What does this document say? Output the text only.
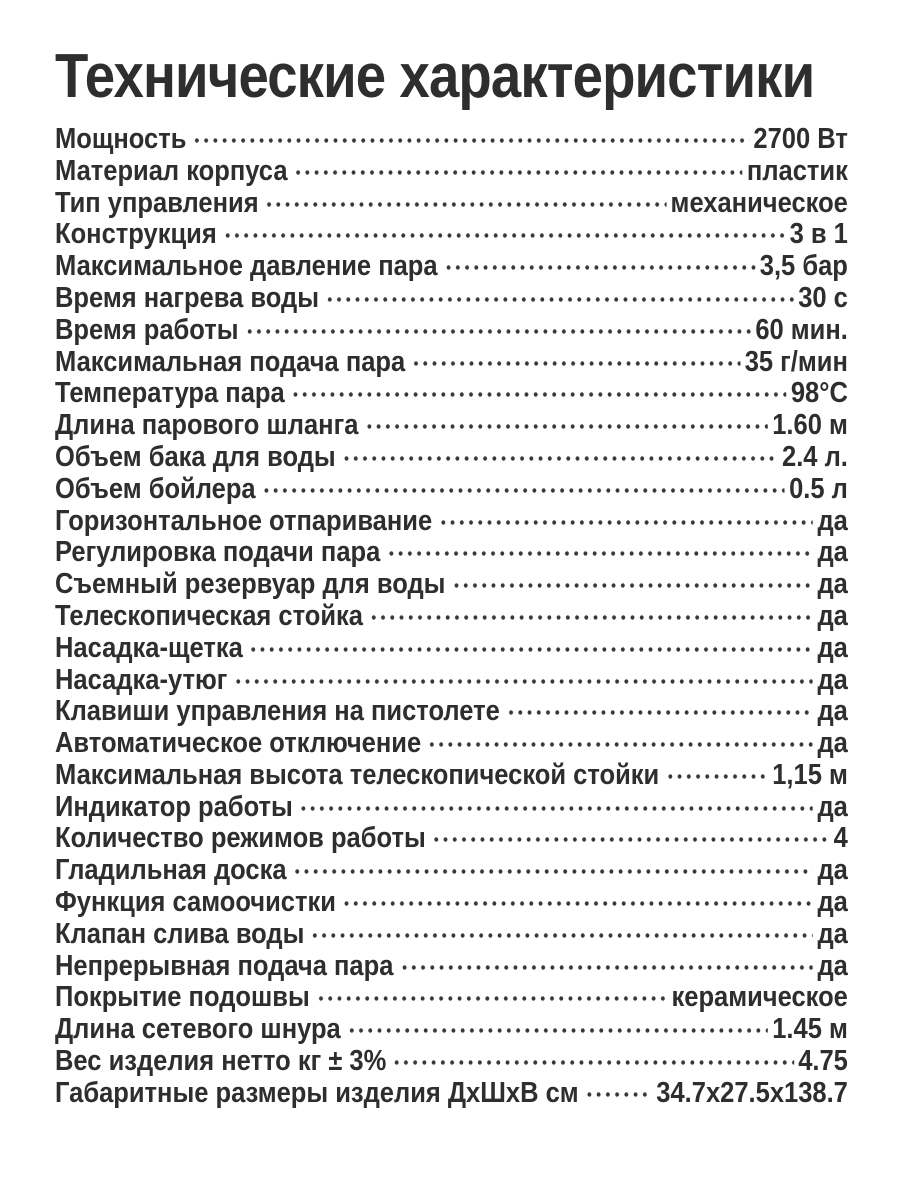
Технические характеристики
Мощность	2700 Вт
Материал корпуса	пластик
Тип управления	механическое
Конструкция	3 в 1
Максимальное давление пара	3,5 бар
Время нагрева воды	30 с
Время работы	60 мин.
Максимальная подача пара	35 г/мин
Температура пара	98°С
Длина парового шланга	1.60 м
Объем бака для воды	2.4 л.
Объем бойлера	0.5 л
Горизонтальное отпаривание	да
Регулировка подачи пара	да
Съемный резервуар для воды	да
Телескопическая стойка	да
Насадка-щетка	да
Насадка-утюг	да
Клавиши управления на пистолете	да
Автоматическое отключение	да
Максимальная высота телескопической стойки	1,15 м
Индикатор работы	да
Количество режимов работы	4
Гладильная доска	да
Функция самоочистки	да
Клапан слива воды	да
Непрерывная подача пара	да
Покрытие подошвы	керамическое
Длина сетевого шнура	1.45 м
Вес изделия нетто кг ± 3%	4.75
Габаритные размеры изделия ДхШхВ см	34.7x27.5x138.7
